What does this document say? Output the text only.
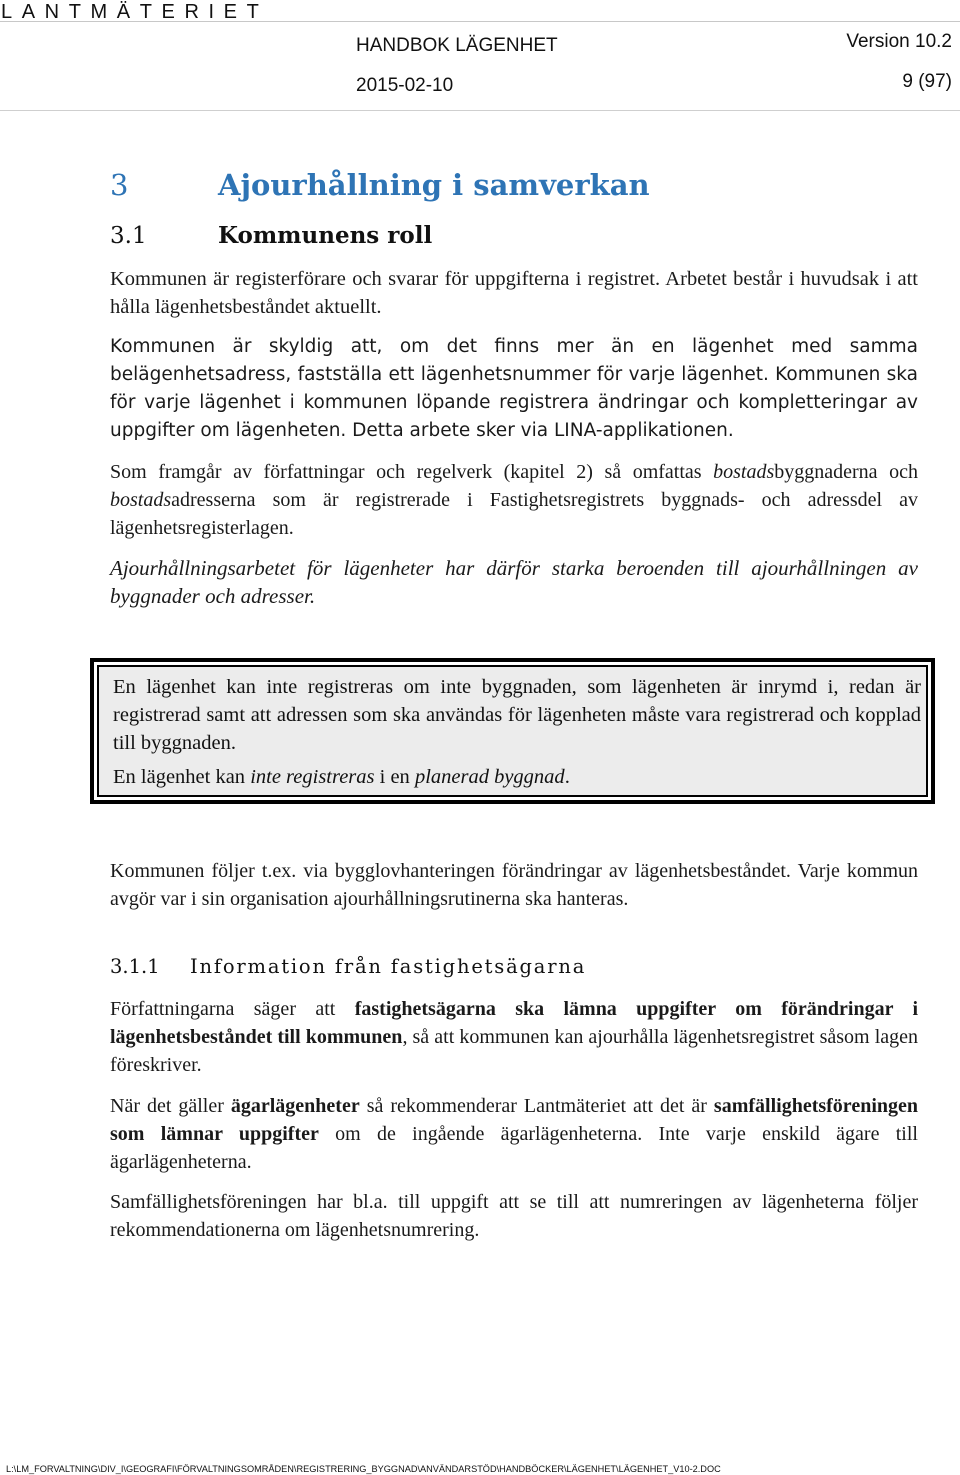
LANTMÄTERIET
HANDBOK LÄGENHET	Version 10.2
2015-02-10	9 (97)
3	Ajourhållning i samverkan
3.1	Kommunens roll

Kommunen är registerförare och svarar för uppgifterna i registret. Arbetet består i huvudsak i att hålla lägenhetsbeståndet aktuellt.

Kommunen är skyldig att, om det finns mer än en lägenhet med samma belägenhetsadress, fastställa ett lägenhetsnummer för varje lägenhet. Kommunen ska för varje lägenhet i kommunen löpande registrera ändringar och kompletteringar av uppgifter om lägenheten. Detta arbete sker via LINA-applikationen.

Som framgår av författningar och regelverk (kapitel 2) så omfattas bostadsbyggnaderna och bostadsadresserna som är registrerade i Fastighetsregistrets byggnads- och adressdel av lägenhetsregisterlagen.

Ajourhållningsarbetet för lägenheter har därför starka beroenden till ajourhållningen av byggnader och adresser.

En lägenhet kan inte registreras om inte byggnaden, som lägenheten är inrymd i, redan är registrerad samt att adressen som ska användas för lägenheten måste vara registrerad och kopplad till byggnaden.

En lägenhet kan inte registreras i en planerad byggnad.

Kommunen följer t.ex. via bygglovhanteringen förändringar av lägenhetsbeståndet. Varje kommun avgör var i sin organisation ajourhållningsrutinerna ska hanteras.

3.1.1 Information från fastighetsägarna

Författningarna säger att fastighetsägarna ska lämna uppgifter om förändringar i lägenhetsbeståndet till kommunen, så att kommunen kan ajourhålla lägenhetsregistret såsom lagen föreskriver.

När det gäller ägarlägenheter så rekommenderar Lantmäteriet att det är samfällighetsföreningen som lämnar uppgifter om de ingående ägarlägenheterna. Inte varje enskild ägare till ägarlägenheterna.

Samfällighetsföreningen har bl.a. till uppgift att se till att numreringen av lägenheterna följer rekommendationerna om lägenhetsnumrering.

L:\LM_FORVALTNING\DIV_I\GEOGRAFI\FÖRVALTNINGSOMRÅDEN\REGISTRERING_BYGGNAD\ANVÄNDARSTÖD\HANDBÖCKER\LÄGENHET\LÄGENHET_V10-2.DOC
